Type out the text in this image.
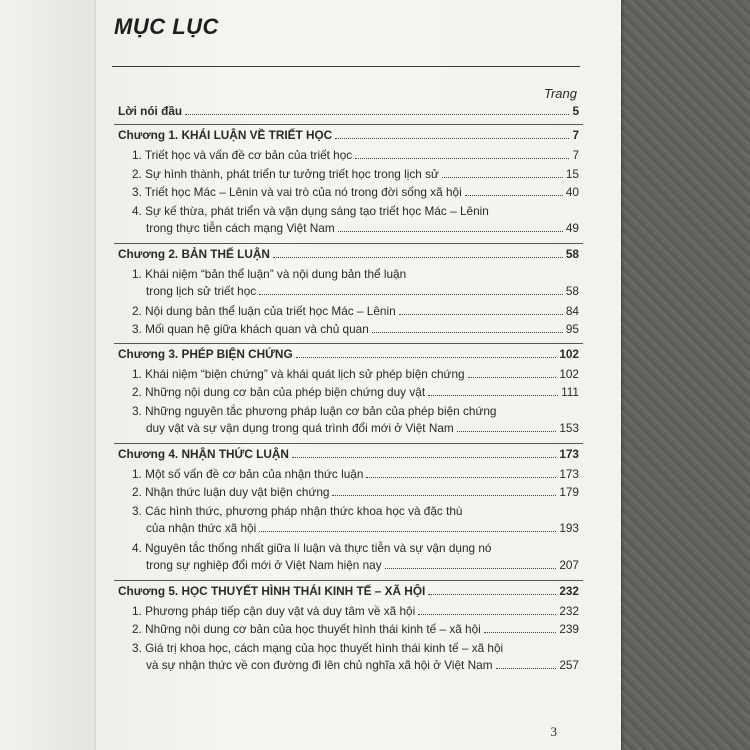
MỤC LỤC
Trang
Lời nói đầu	5
Chương 1. KHÁI LUẬN VỀ TRIẾT HỌC	7
1. Triết học và vấn đề cơ bản của triết học	7
2. Sự hình thành, phát triển tư tưởng triết học trong lịch sử	15
3. Triết học Mác – Lênin và vai trò của nó trong đời sống xã hội	40
4. Sự kế thừa, phát triển và vận dụng sáng tạo triết học Mác – Lênin
trong thực tiễn cách mạng Việt Nam	49
Chương 2. BẢN THỂ LUẬN	58
1. Khái niệm “bản thể luận” và nội dung bản thể luận
trong lịch sử triết học	58
2. Nội dung bản thể luận của triết học Mác – Lênin	84
3. Mối quan hệ giữa khách quan và chủ quan	95
Chương 3. PHÉP BIỆN CHỨNG	102
1. Khái niệm “biện chứng” và khái quát lịch sử phép biện chứng	102
2. Những nội dung cơ bản của phép biện chứng duy vật	111
3. Những nguyên tắc phương pháp luận cơ bản của phép biện chứng
duy vật và sự vận dụng trong quá trình đổi mới ở Việt Nam	153
Chương 4. NHẬN THỨC LUẬN	173
1. Một số vấn đề cơ bản của nhận thức luận	173
2. Nhận thức luận duy vật biện chứng	179
3. Các hình thức, phương pháp nhận thức khoa học và đặc thù
của nhận thức xã hội	193
4. Nguyên tắc thống nhất giữa lí luận và thực tiễn và sự vận dụng nó
trong sự nghiệp đổi mới ở Việt Nam hiện nay	207
Chương 5. HỌC THUYẾT HÌNH THÁI KINH TẾ – XÃ HỘI	232
1. Phương pháp tiếp cận duy vật và duy tâm về xã hội	232
2. Những nội dung cơ bản của học thuyết hình thái kinh tế – xã hội	239
3. Giá trị khoa học, cách mạng của học thuyết hình thái kinh tế – xã hội
và sự nhận thức về con đường đi lên chủ nghĩa xã hội ở Việt Nam	257
3
